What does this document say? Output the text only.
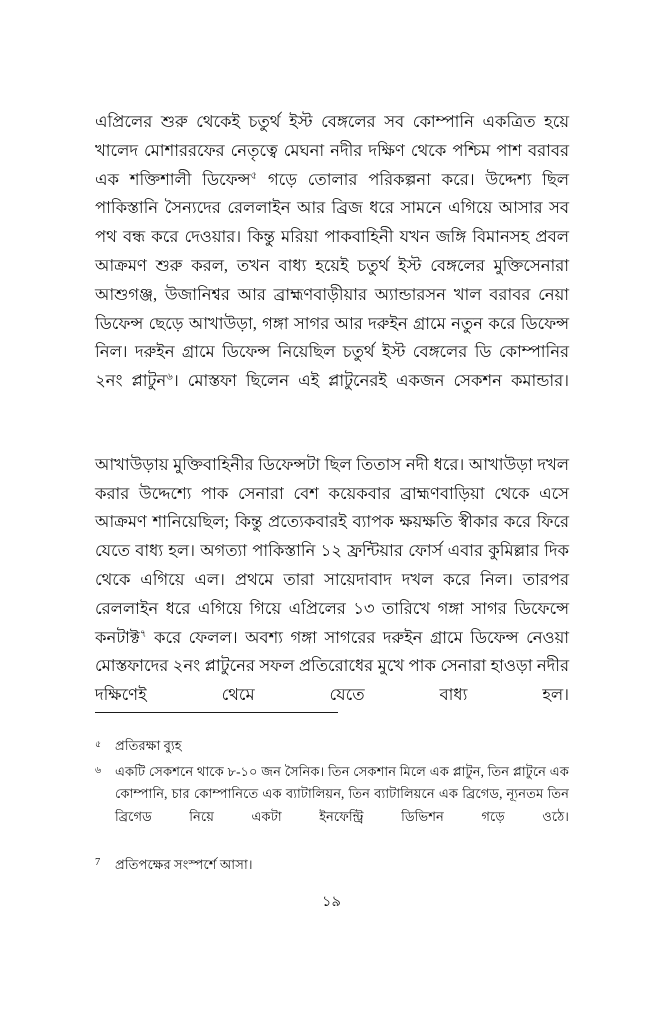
এপ্রিলের শুরু থেকেই চতুর্থ ইস্ট বেঙ্গলের সব কোম্পানি একত্রিত হয়ে খালেদ মোশাররফের নেতৃত্বে মেঘনা নদীর দক্ষিণ থেকে পশ্চিম পাশ বরাবর এক শক্তিশালী ডিফেন্স$^৫$ গড়ে তোলার পরিকল্পনা করে। উদ্দেশ্য ছিল পাকিস্তানি সৈন্যদের রেললাইন আর ব্রিজ ধরে সামনে এগিয়ে আসার সব পথ বন্ধ করে দেওয়ার। কিন্তু মরিয়া পাকবাহিনী যখন জঙ্গি বিমানসহ প্রবল আক্রমণ শুরু করল, তখন বাধ্য হয়েই চতুর্থ ইস্ট বেঙ্গলের মুক্তিসেনারা আশুগঞ্জ, উজানিশ্বর আর ব্রাহ্মণবাড়ীয়ার অ্যান্ডারসন খাল বরাবর নেয়া ডিফেন্স ছেড়ে আখাউড়া, গঙ্গা সাগর আর দরুইন গ্রামে নতুন করে ডিফেন্স নিল। দরুইন গ্রামে ডিফেন্স নিয়েছিল চতুর্থ ইস্ট বেঙ্গলের ডি কোম্পানির ২নং প্লাটুন$^৬$। মোস্তফা ছিলেন এই প্লাটুনেরই একজন সেকশন কমান্ডার।

আখাউড়ায় মুক্তিবাহিনীর ডিফেন্সটা ছিল তিতাস নদী ধরে। আখাউড়া দখল করার উদ্দেশ্যে পাক সেনারা বেশ কয়েকবার ব্রাহ্মণবাড়িয়া থেকে এসে আক্রমণ শানিয়েছিল; কিন্তু প্রত্যেকবারই ব্যাপক ক্ষয়ক্ষতি স্বীকার করে ফিরে যেতে বাধ্য হল। অগত্যা পাকিস্তানি ১২ ফ্রন্টিয়ার ফোর্স এবার কুমিল্লার দিক থেকে এগিয়ে এল। প্রথমে তারা সায়েদাবাদ দখল করে নিল। তারপর রেললাইন ধরে এগিয়ে গিয়ে এপ্রিলের ১৩ তারিখে গঙ্গা সাগর ডিফেন্সে কনটাক্ট$^৭$ করে ফেলল। অবশ্য গঙ্গা সাগরের দরুইন গ্রামে ডিফেন্স নেওয়া মোস্তফাদের ২নং প্লাটুনের সফল প্রতিরোধের মুখে পাক সেনারা হাওড়া নদীর দক্ষিণেই থেমে যেতে বাধ্য হল।

৫ প্রতিরক্ষা ব্যুহ
৬ একটি সেকশনে থাকে ৮-১০ জন সৈনিক। তিন সেকশান মিলে এক প্লাটুন, তিন প্লাটুনে এক কোম্পানি, চার কোম্পানিতে এক ব্যাটালিয়ন, তিন ব্যাটালিয়নে এক ব্রিগেড, ন্যূনতম তিন ব্রিগেড নিয়ে একটা ইনফেন্ট্রি ডিভিশন গড়ে ওঠে।
7 প্রতিপক্ষের সংস্পর্শে আসা।
১৯
